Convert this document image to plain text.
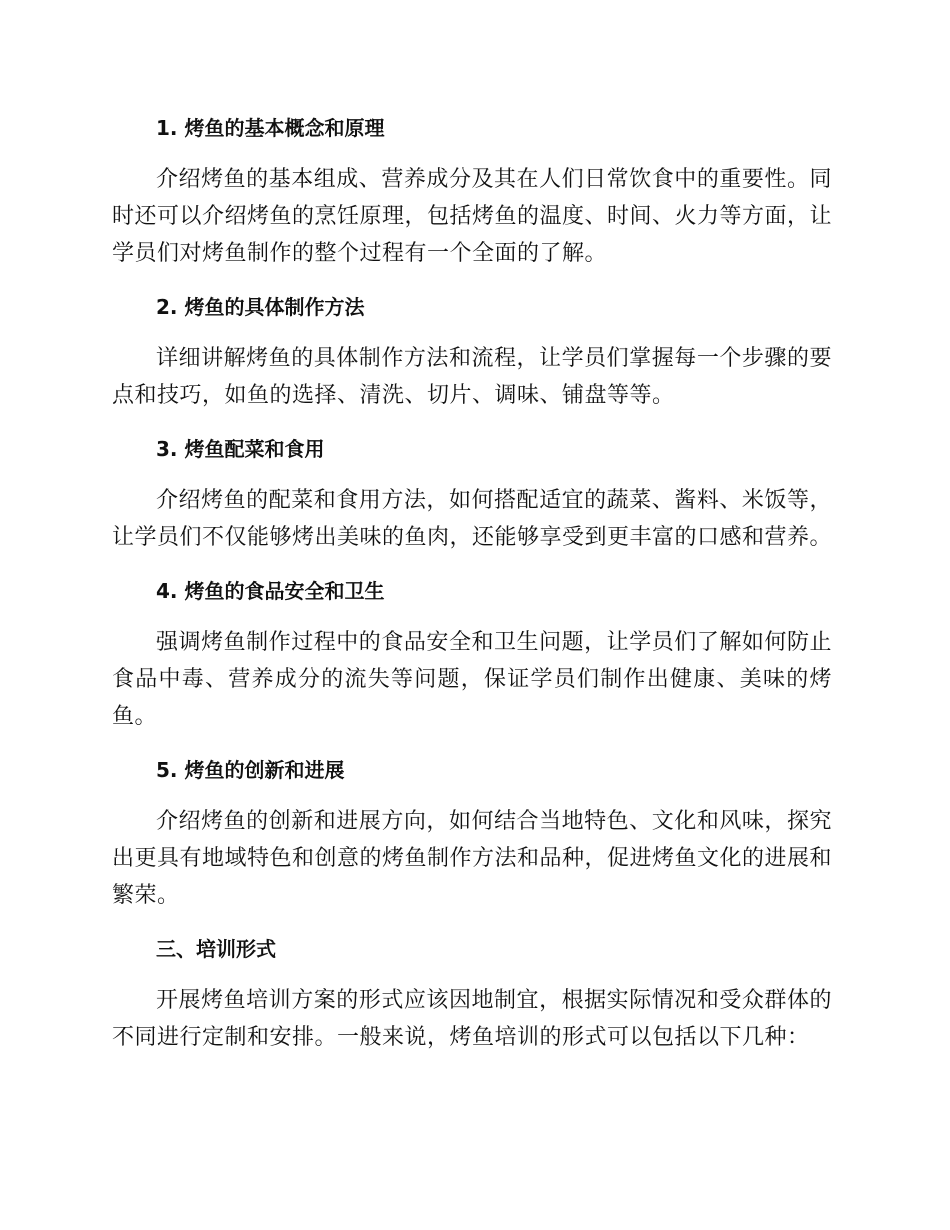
1. 烤鱼的基本概念和原理

介绍烤鱼的基本组成、营养成分及其在人们日常饮食中的重要性。同时还可以介绍烤鱼的烹饪原理，包括烤鱼的温度、时间、火力等方面，让学员们对烤鱼制作的整个过程有一个全面的了解。

2. 烤鱼的具体制作方法

详细讲解烤鱼的具体制作方法和流程，让学员们掌握每一个步骤的要点和技巧，如鱼的选择、清洗、切片、调味、铺盘等等。

3. 烤鱼配菜和食用

介绍烤鱼的配菜和食用方法，如何搭配适宜的蔬菜、酱料、米饭等，让学员们不仅能够烤出美味的鱼肉，还能够享受到更丰富的口感和营养。

4. 烤鱼的食品安全和卫生

强调烤鱼制作过程中的食品安全和卫生问题，让学员们了解如何防止食品中毒、营养成分的流失等问题，保证学员们制作出健康、美味的烤鱼。

5. 烤鱼的创新和进展

介绍烤鱼的创新和进展方向，如何结合当地特色、文化和风味，探究出更具有地域特色和创意的烤鱼制作方法和品种，促进烤鱼文化的进展和繁荣。

三、培训形式

开展烤鱼培训方案的形式应该因地制宜，根据实际情况和受众群体的不同进行定制和安排。一般来说，烤鱼培训的形式可以包括以下几种：
